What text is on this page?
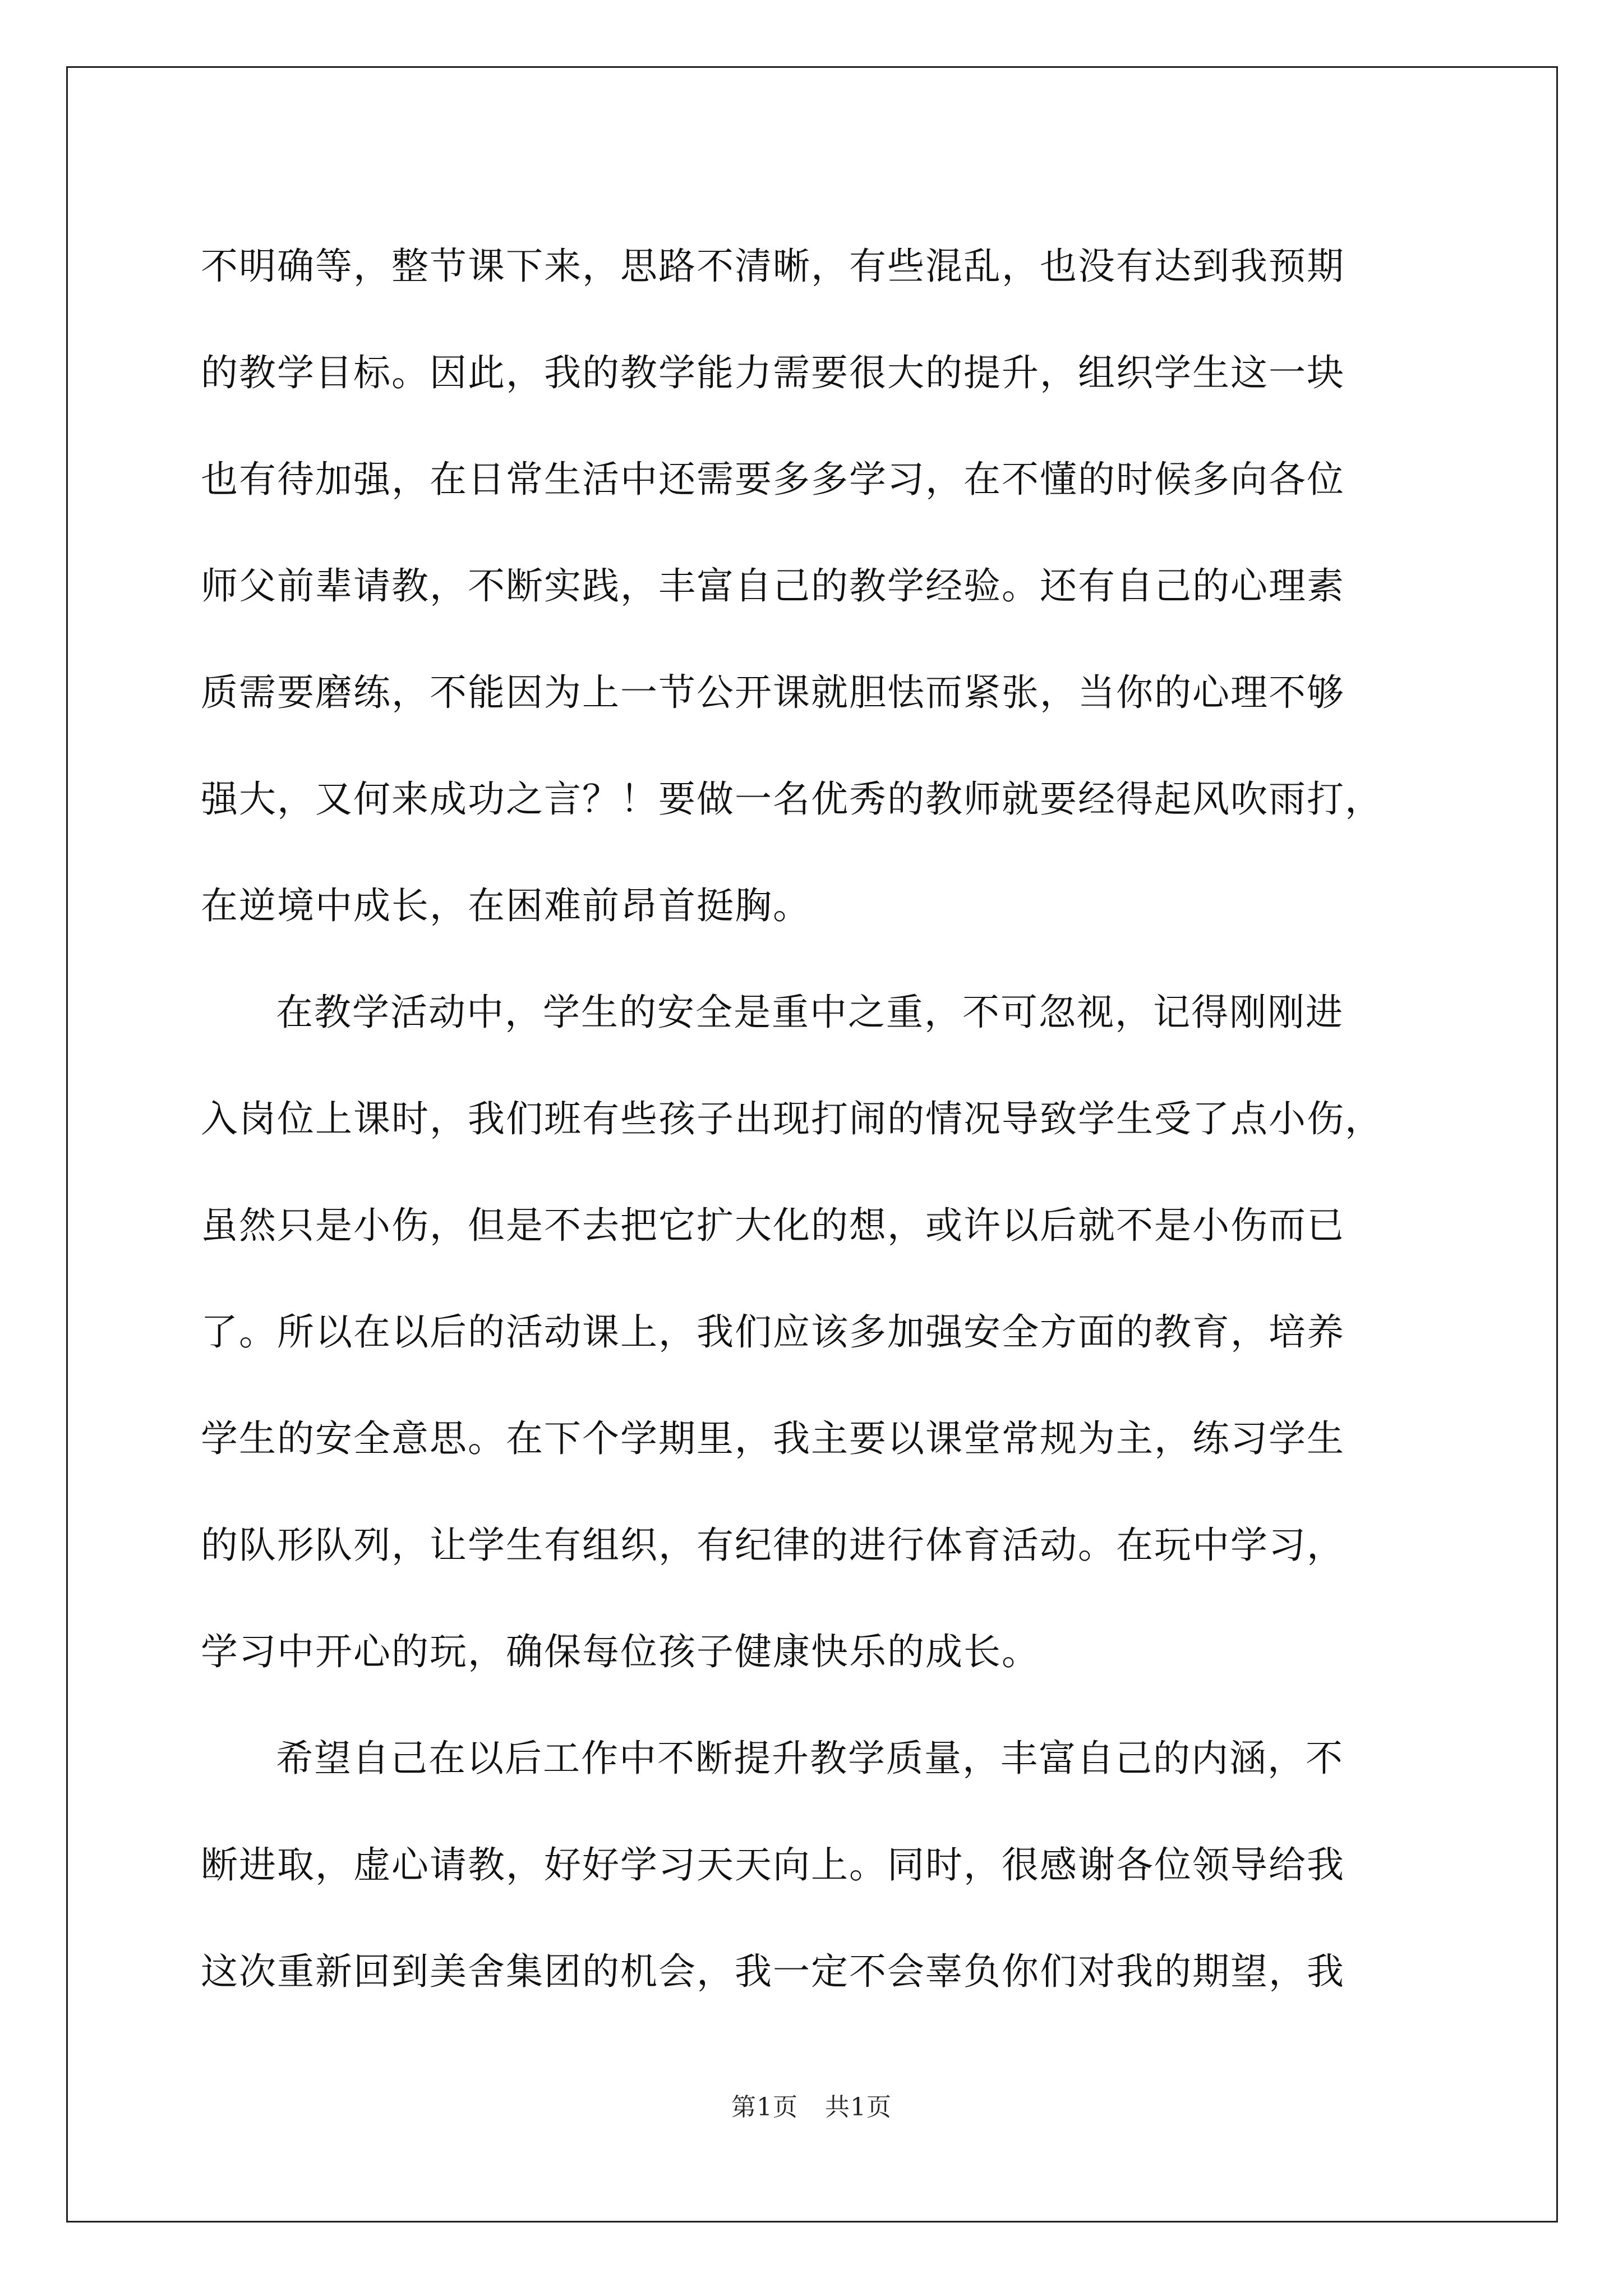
不明确等，整节课下来，思路不清晰，有些混乱，也没有达到我预期
的教学目标。因此，我的教学能力需要很大的提升，组织学生这一块
也有待加强，在日常生活中还需要多多学习，在不懂的时候多向各位
师父前辈请教，不断实践，丰富自己的教学经验。还有自己的心理素
质需要磨练，不能因为上一节公开课就胆怯而紧张，当你的心理不够
强大，又何来成功之言？！要做一名优秀的教师就要经得起风吹雨打，
在逆境中成长，在困难前昂首挺胸。
在教学活动中，学生的安全是重中之重，不可忽视，记得刚刚进
入岗位上课时，我们班有些孩子出现打闹的情况导致学生受了点小伤，
虽然只是小伤，但是不去把它扩大化的想，或许以后就不是小伤而已
了。所以在以后的活动课上，我们应该多加强安全方面的教育，培养
学生的安全意思。在下个学期里，我主要以课堂常规为主，练习学生
的队形队列，让学生有组织，有纪律的进行体育活动。在玩中学习，
学习中开心的玩，确保每位孩子健康快乐的成长。
希望自己在以后工作中不断提升教学质量，丰富自己的内涵，不
断进取，虚心请教，好好学习天天向上。同时，很感谢各位领导给我
这次重新回到美舍集团的机会，我一定不会辜负你们对我的期望，我
第1页 共1页
